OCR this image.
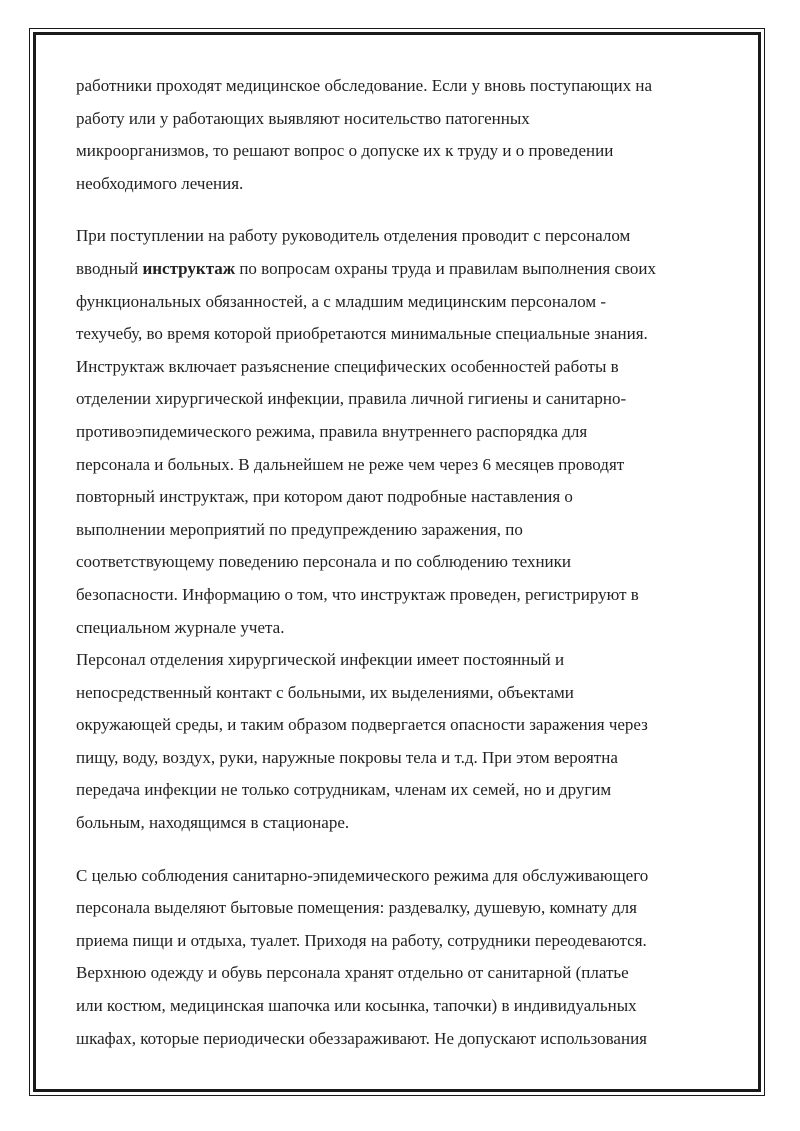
работники проходят медицинское обследование. Если у вновь поступающих на
работу или у работающих выявляют носительство патогенных
микроорганизмов, то решают вопрос о допуске их к труду и о проведении
необходимого лечения.

При поступлении на работу руководитель отделения проводит с персоналом
вводный инструктаж по вопросам охраны труда и правилам выполнения своих
функциональных обязанностей, а с младшим медицинским персоналом -
техучебу, во время которой приобретаются минимальные специальные знания.
Инструктаж включает разъяснение специфических особенностей работы в
отделении хирургической инфекции, правила личной гигиены и санитарно-
противоэпидемического режима, правила внутреннего распорядка для
персонала и больных. В дальнейшем не реже чем через 6 месяцев проводят
повторный инструктаж, при котором дают подробные наставления о
выполнении мероприятий по предупреждению заражения, по
соответствующему поведению персонала и по соблюдению техники
безопасности. Информацию о том, что инструктаж проведен, регистрируют в
специальном журнале учета.

Персонал отделения хирургической инфекции имеет постоянный и
непосредственный контакт с больными, их выделениями, объектами
окружающей среды, и таким образом подвергается опасности заражения через
пищу, воду, воздух, руки, наружные покровы тела и т.д. При этом вероятна
передача инфекции не только сотрудникам, членам их семей, но и другим
больным, находящимся в стационаре.

С целью соблюдения санитарно-эпидемического режима для обслуживающего
персонала выделяют бытовые помещения: раздевалку, душевую, комнату для
приема пищи и отдыха, туалет. Приходя на работу, сотрудники переодеваются.
Верхнюю одежду и обувь персонала хранят отдельно от санитарной (платье
или костюм, медицинская шапочка или косынка, тапочки) в индивидуальных
шкафах, которые периодически обеззараживают. Не допускают использования
